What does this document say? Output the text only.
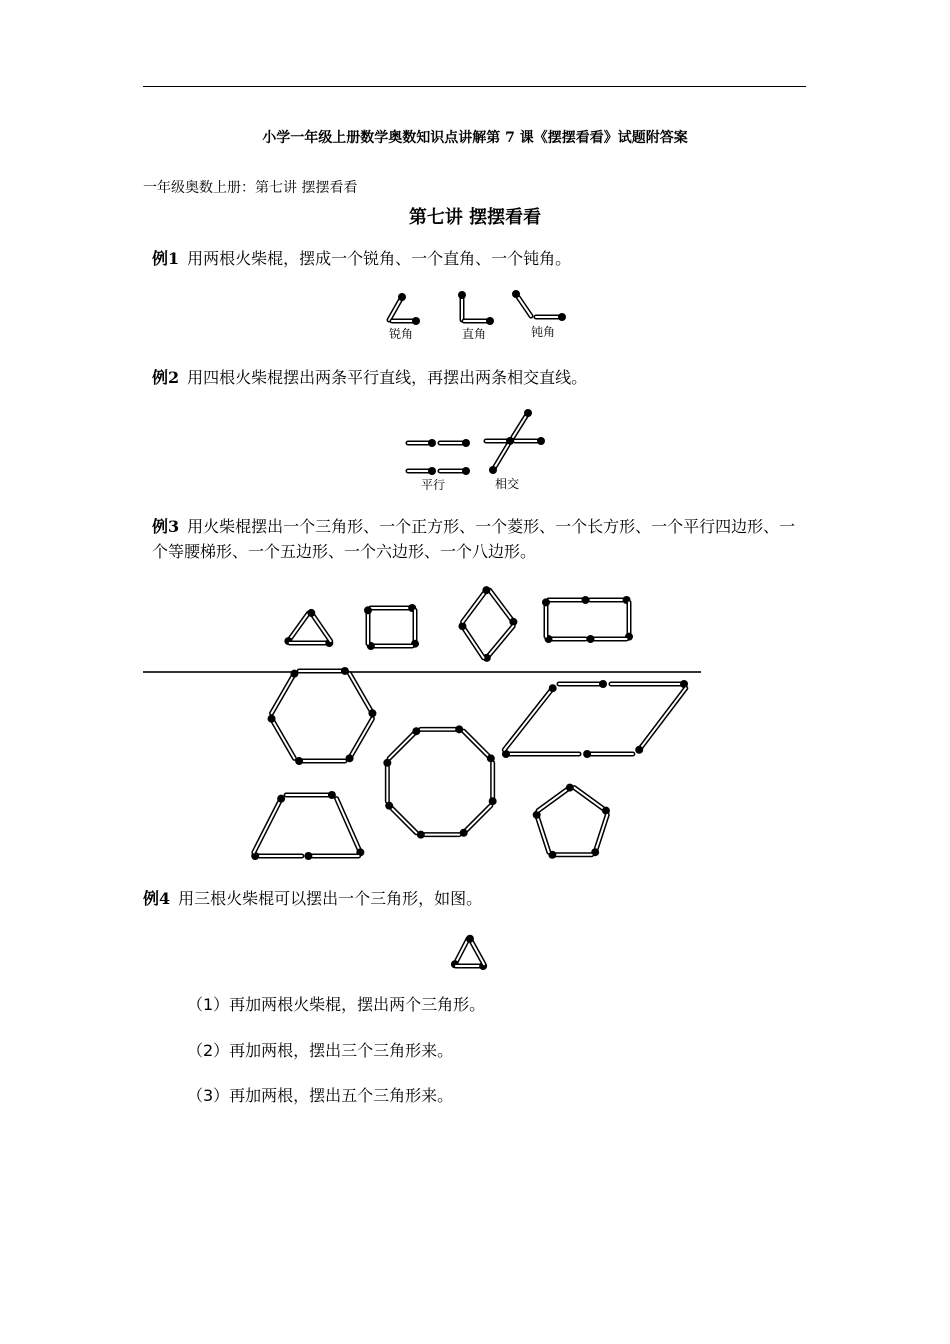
小学一年级上册数学奥数知识点讲解第 7 课《摆摆看看》试题附答案
一年级奥数上册：第七讲 摆摆看看
第七讲 摆摆看看
例1 用两根火柴棍，摆成一个锐角、一个直角、一个钝角。
例2 用四根火柴棍摆出两条平行直线，再摆出两条相交直线。
例3 用火柴棍摆出一个三角形、一个正方形、一个菱形、一个长方形、一个平行四边形、一个等腰梯形、一个五边形、一个六边形、一个八边形。
例4 用三根火柴棍可以摆出一个三角形，如图。
（1）再加两根火柴棍，摆出两个三角形。
（2）再加两根，摆出三个三角形来。
（3）再加两根，摆出五个三角形来。
锐角	直角	钝角
平行	相交
